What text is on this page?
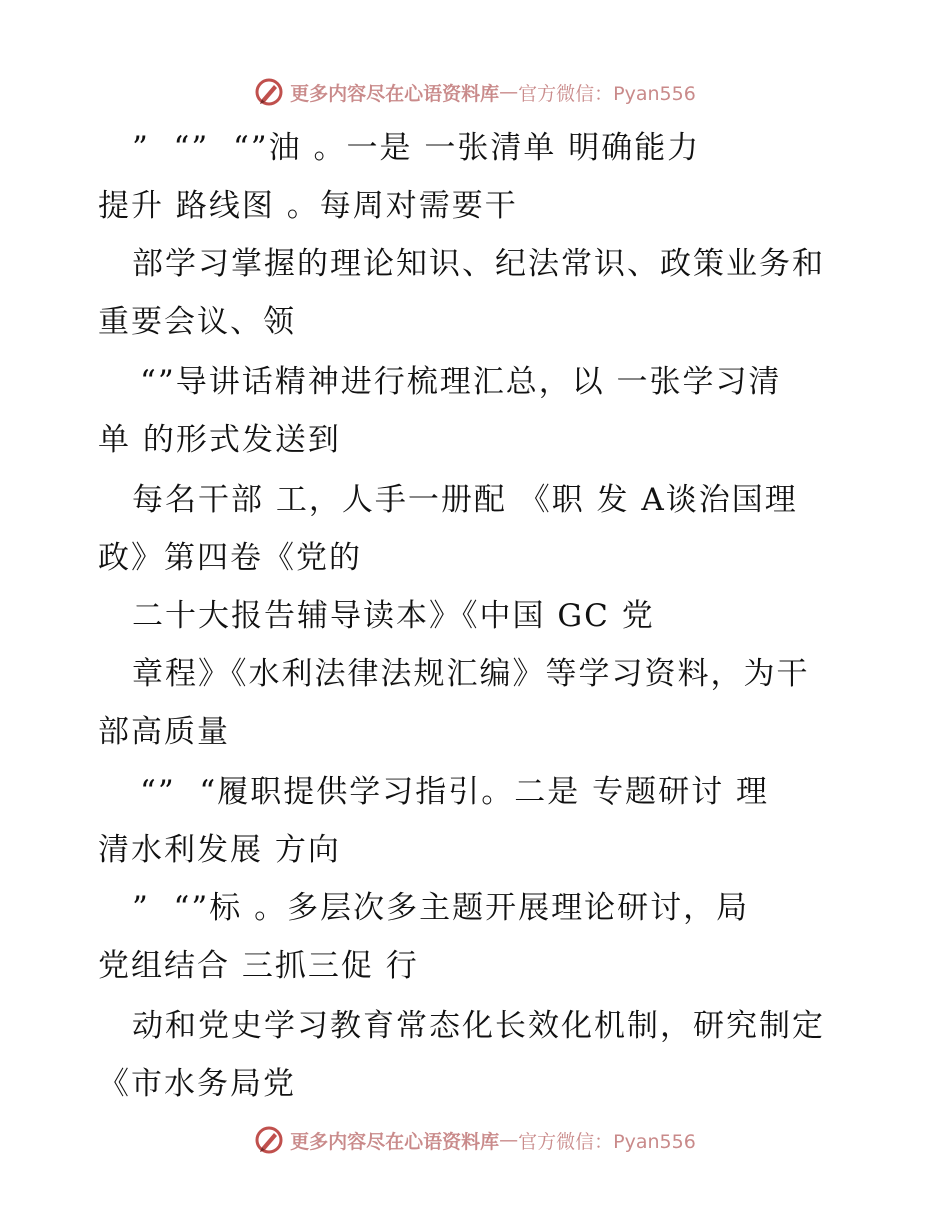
更多内容尽在心语资料库 — 官方微信：Pyan556
”  “”  “”油 。一是 一张清单 明确能力
提升 路线图 。每周对需要干
部学习掌握的理论知识、纪法常识、政策业务和
重要会议、领
“”导讲话精神进行梳理汇总，以 一张学习清
单 的形式发送到
每名干部 工，人手一册配 《职 发 A谈治国理
政》第四卷《党的
二十大报告辅导读本》《中国 GC 党
章程》《水利法律法规汇编》等学习资料，为干
部高质量
“”  “履职提供学习指引。二是 专题研讨 理
清水利发展 方向
”  “”标 。多层次多主题开展理论研讨，局
党组结合 三抓三促 行
动和党史学习教育常态化长效化机制，研究制定
《市水务局党
更多内容尽在心语资料库 — 官方微信：Pyan556
